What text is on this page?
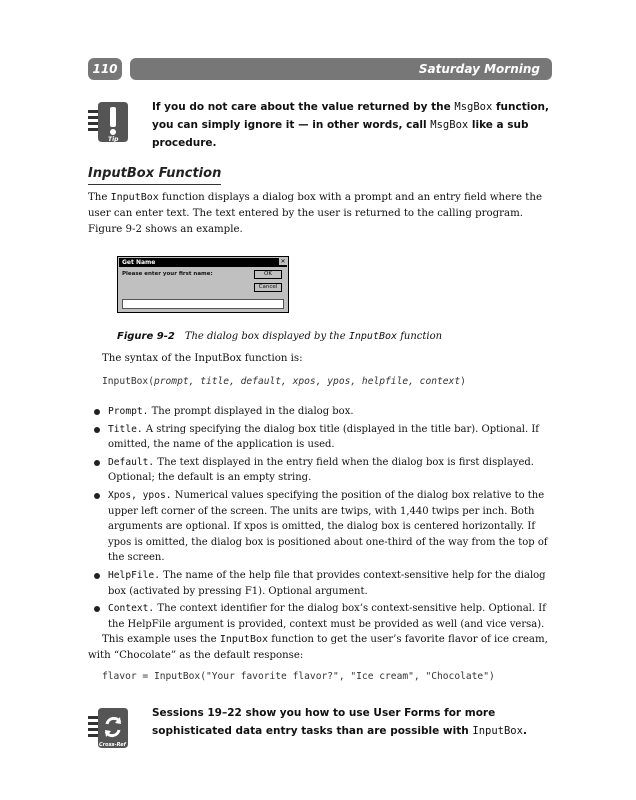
110	Saturday Morning
Tip
If you do not care about the value returned by the MsgBox function, you can simply ignore it — in other words, call MsgBox like a sub procedure.
InputBox Function
The InputBox function displays a dialog box with a prompt and an entry field where the user can enter text. The text entered by the user is returned to the calling program. Figure 9-2 shows an example.
Get Name	✕
Please enter your first name:	OK
Cancel
Figure 9-2 The dialog box displayed by the InputBox function
The syntax of the InputBox function is:
InputBox(prompt, title, default, xpos, ypos, helpfile, context)
Prompt. The prompt displayed in the dialog box.
Title. A string specifying the dialog box title (displayed in the title bar). Optional. If omitted, the name of the application is used.
Default. The text displayed in the entry field when the dialog box is first displayed. Optional; the default is an empty string.
Xpos, ypos. Numerical values specifying the position of the dialog box relative to the upper left corner of the screen. The units are twips, with 1,440 twips per inch. Both arguments are optional. If xpos is omitted, the dialog box is centered horizontally. If ypos is omitted, the dialog box is positioned about one-third of the way from the top of the screen.
HelpFile. The name of the help file that provides context-sensitive help for the dialog box (activated by pressing F1). Optional argument.
Context. The context identifier for the dialog box’s context-sensitive help. Optional. If the HelpFile argument is provided, context must be provided as well (and vice versa).
This example uses the InputBox function to get the user’s favorite flavor of ice cream, with “Chocolate” as the default response:
flavor = InputBox("Your favorite flavor?", "Ice cream", "Chocolate")
Cross-Ref
Sessions 19–22 show you how to use User Forms for more sophisticated data entry tasks than are possible with InputBox.
